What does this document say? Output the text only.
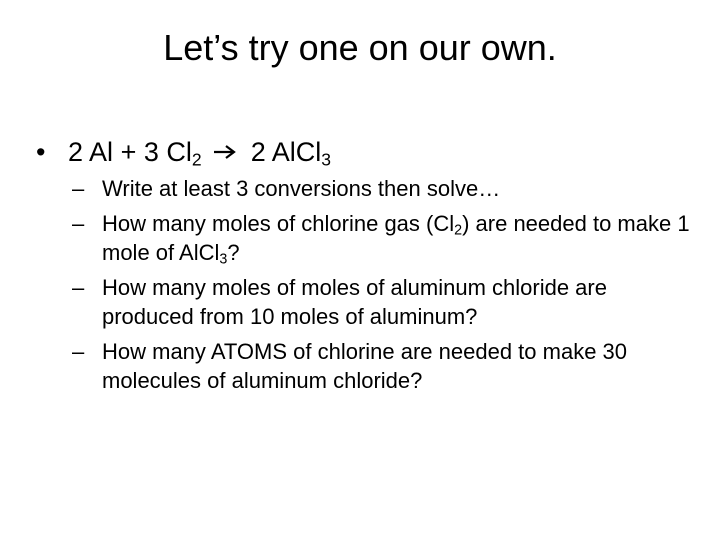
Let’s try one on our own.
• 2 Al + 3 $Cl_2$ 2 AlCl$_3$
– Write at least 3 conversions then solve…
– How many moles of chlorine gas $(Cl_2)$ are needed to make 1 mole of AlCl$_3$?
– How many moles of moles of aluminum chloride are produced from 10 moles of aluminum?
– How many ATOMS of chlorine are needed to make 30 molecules of aluminum chloride?
